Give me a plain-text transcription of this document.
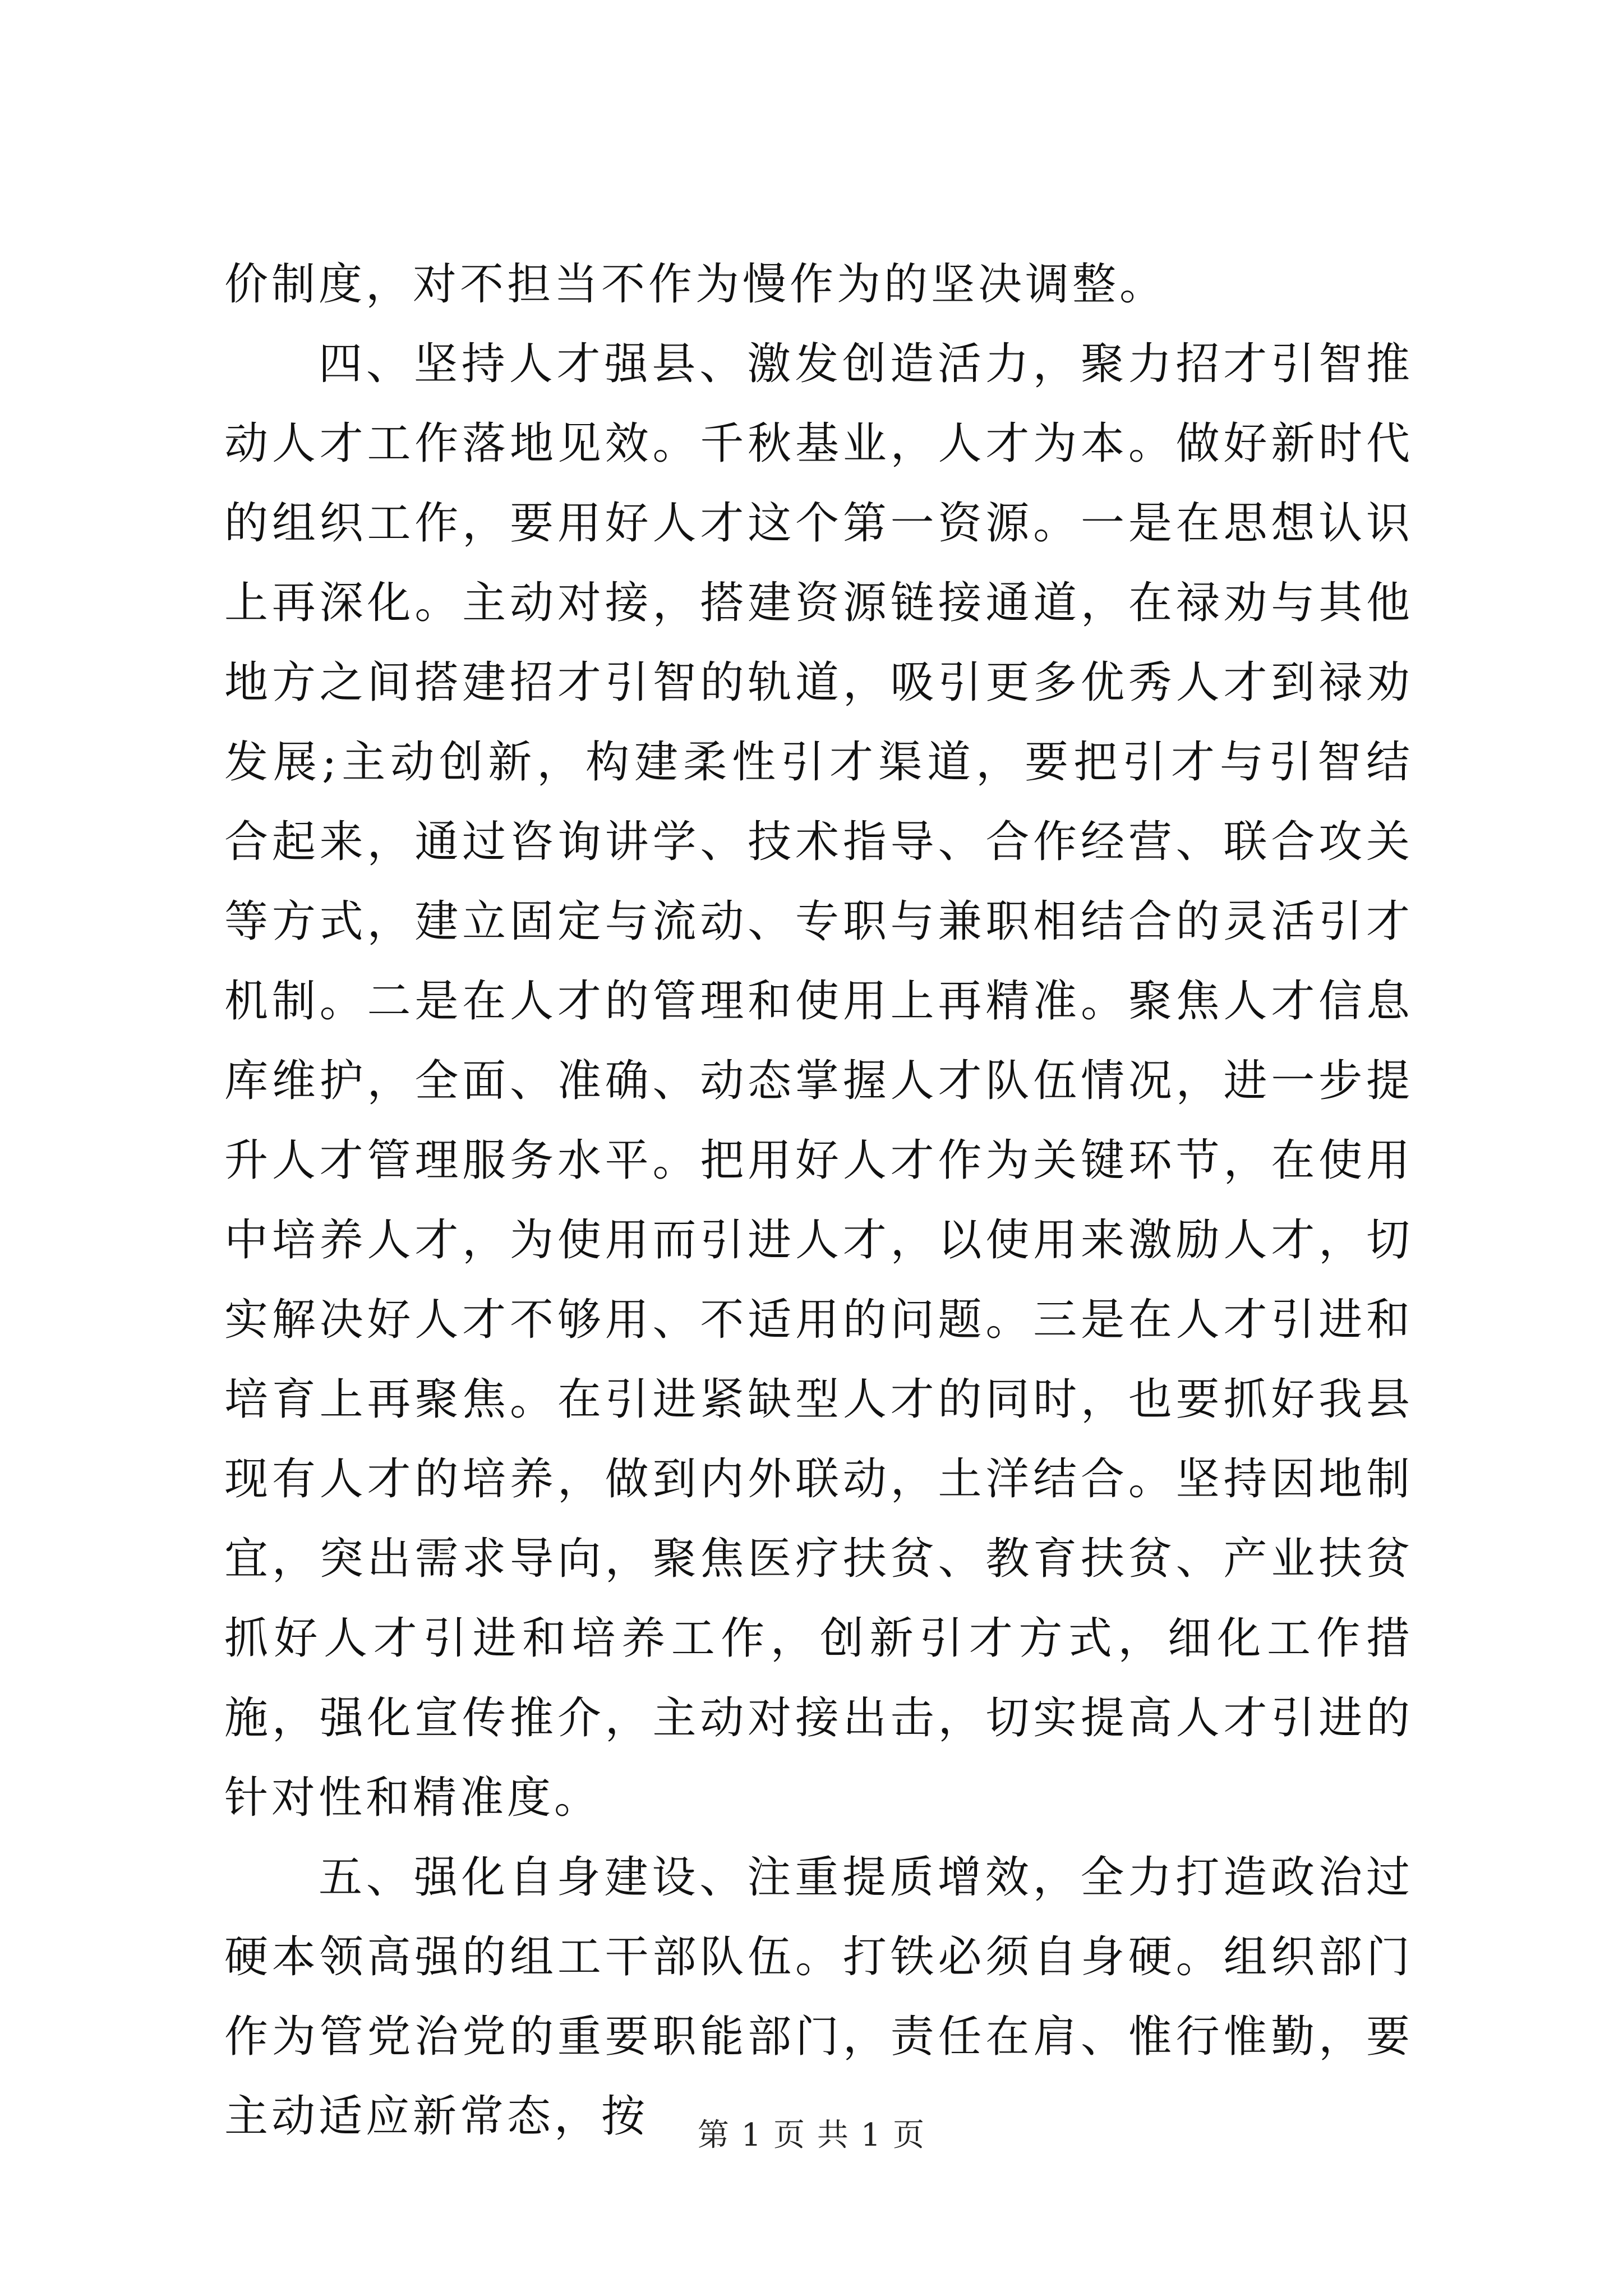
价制度，对不担当不作为慢作为的坚决调整。

四、坚持人才强县、激发创造活力，聚力招才引智推动人才工作落地见效。千秋基业，人才为本。做好新时代的组织工作，要用好人才这个第一资源。一是在思想认识上再深化。主动对接，搭建资源链接通道，在禄劝与其他地方之间搭建招才引智的轨道，吸引更多优秀人才到禄劝发展;主动创新，构建柔性引才渠道，要把引才与引智结合起来，通过咨询讲学、技术指导、合作经营、联合攻关等方式，建立固定与流动、专职与兼职相结合的灵活引才机制。二是在人才的管理和使用上再精准。聚焦人才信息库维护，全面、准确、动态掌握人才队伍情况，进一步提升人才管理服务水平。把用好人才作为关键环节，在使用中培养人才，为使用而引进人才，以使用来激励人才，切实解决好人才不够用、不适用的问题。三是在人才引进和培育上再聚焦。在引进紧缺型人才的同时，也要抓好我县现有人才的培养，做到内外联动，土洋结合。坚持因地制宜，突出需求导向，聚焦医疗扶贫、教育扶贫、产业扶贫抓好人才引进和培养工作，创新引才方式，细化工作措施，强化宣传推介，主动对接出击，切实提高人才引进的针对性和精准度。

五、强化自身建设、注重提质增效，全力打造政治过硬本领高强的组工干部队伍。打铁必须自身硬。组织部门作为管党治党的重要职能部门，责任在肩、惟行惟勤，要主动适应新常态，按	第 1 页 共 1 页
